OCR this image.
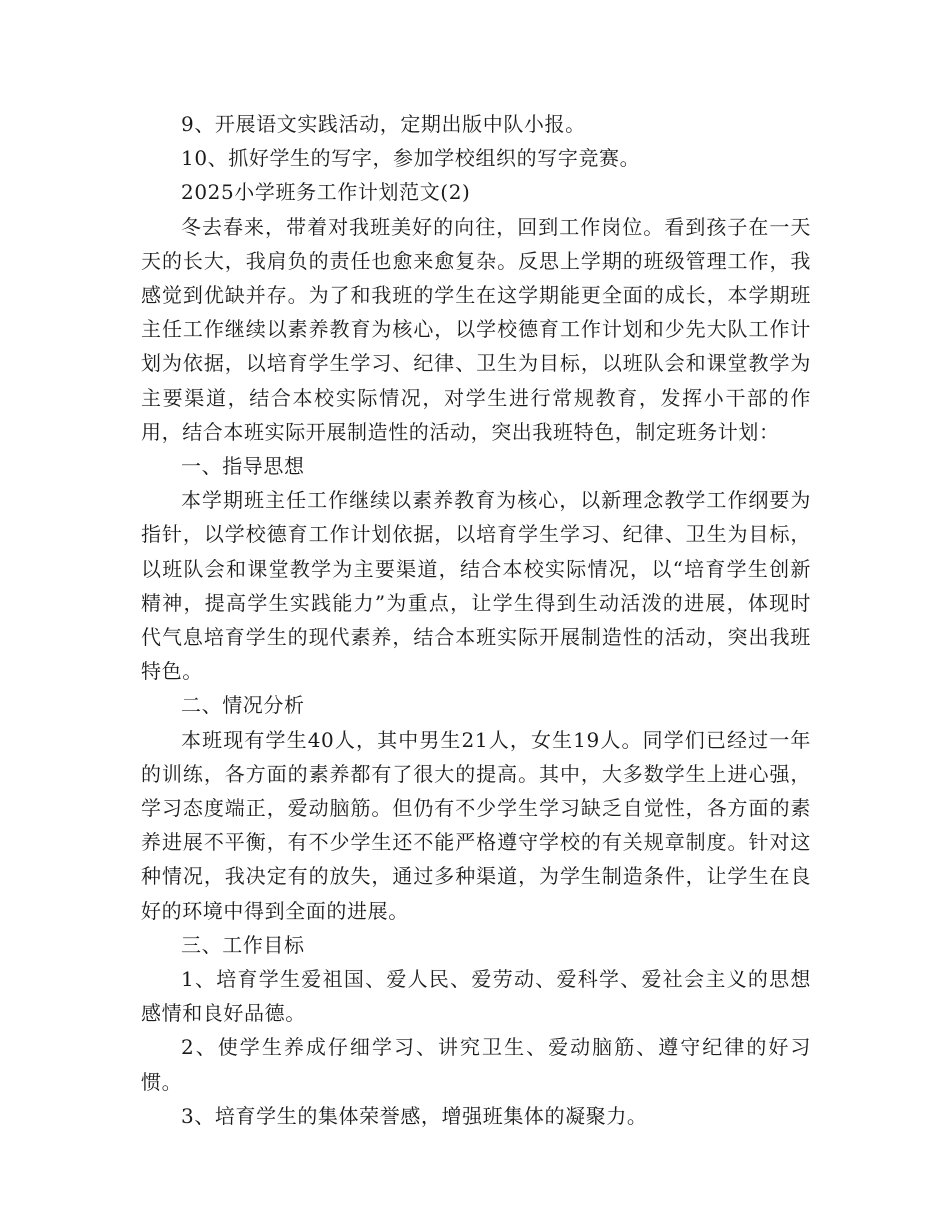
9、开展语文实践活动，定期出版中队小报。

10、抓好学生的写字，参加学校组织的写字竞赛。

2025小学班务工作计划范文(2)

冬去春来，带着对我班美好的向往，回到工作岗位。看到孩子在一天天的长大，我肩负的责任也愈来愈复杂。反思上学期的班级管理工作，我感觉到优缺并存。为了和我班的学生在这学期能更全面的成长，本学期班主任工作继续以素养教育为核心，以学校德育工作计划和少先大队工作计划为依据，以培育学生学习、纪律、卫生为目标，以班队会和课堂教学为主要渠道，结合本校实际情况，对学生进行常规教育，发挥小干部的作用，结合本班实际开展制造性的活动，突出我班特色，制定班务计划：

一、指导思想

本学期班主任工作继续以素养教育为核心，以新理念教学工作纲要为指针，以学校德育工作计划依据，以培育学生学习、纪律、卫生为目标，以班队会和课堂教学为主要渠道，结合本校实际情况，以“培育学生创新精神，提高学生实践能力”为重点，让学生得到生动活泼的进展，体现时代气息培育学生的现代素养，结合本班实际开展制造性的活动，突出我班特色。

二、情况分析

本班现有学生40人，其中男生21人，女生19人。同学们已经过一年的训练，各方面的素养都有了很大的提高。其中，大多数学生上进心强，学习态度端正，爱动脑筋。但仍有不少学生学习缺乏自觉性，各方面的素养进展不平衡，有不少学生还不能严格遵守学校的有关规章制度。针对这种情况，我决定有的放失，通过多种渠道，为学生制造条件，让学生在良好的环境中得到全面的进展。

三、工作目标

1、培育学生爱祖国、爱人民、爱劳动、爱科学、爱社会主义的思想感情和良好品德。

2、使学生养成仔细学习、讲究卫生、爱动脑筋、遵守纪律的好习惯。

3、培育学生的集体荣誉感，增强班集体的凝聚力。
